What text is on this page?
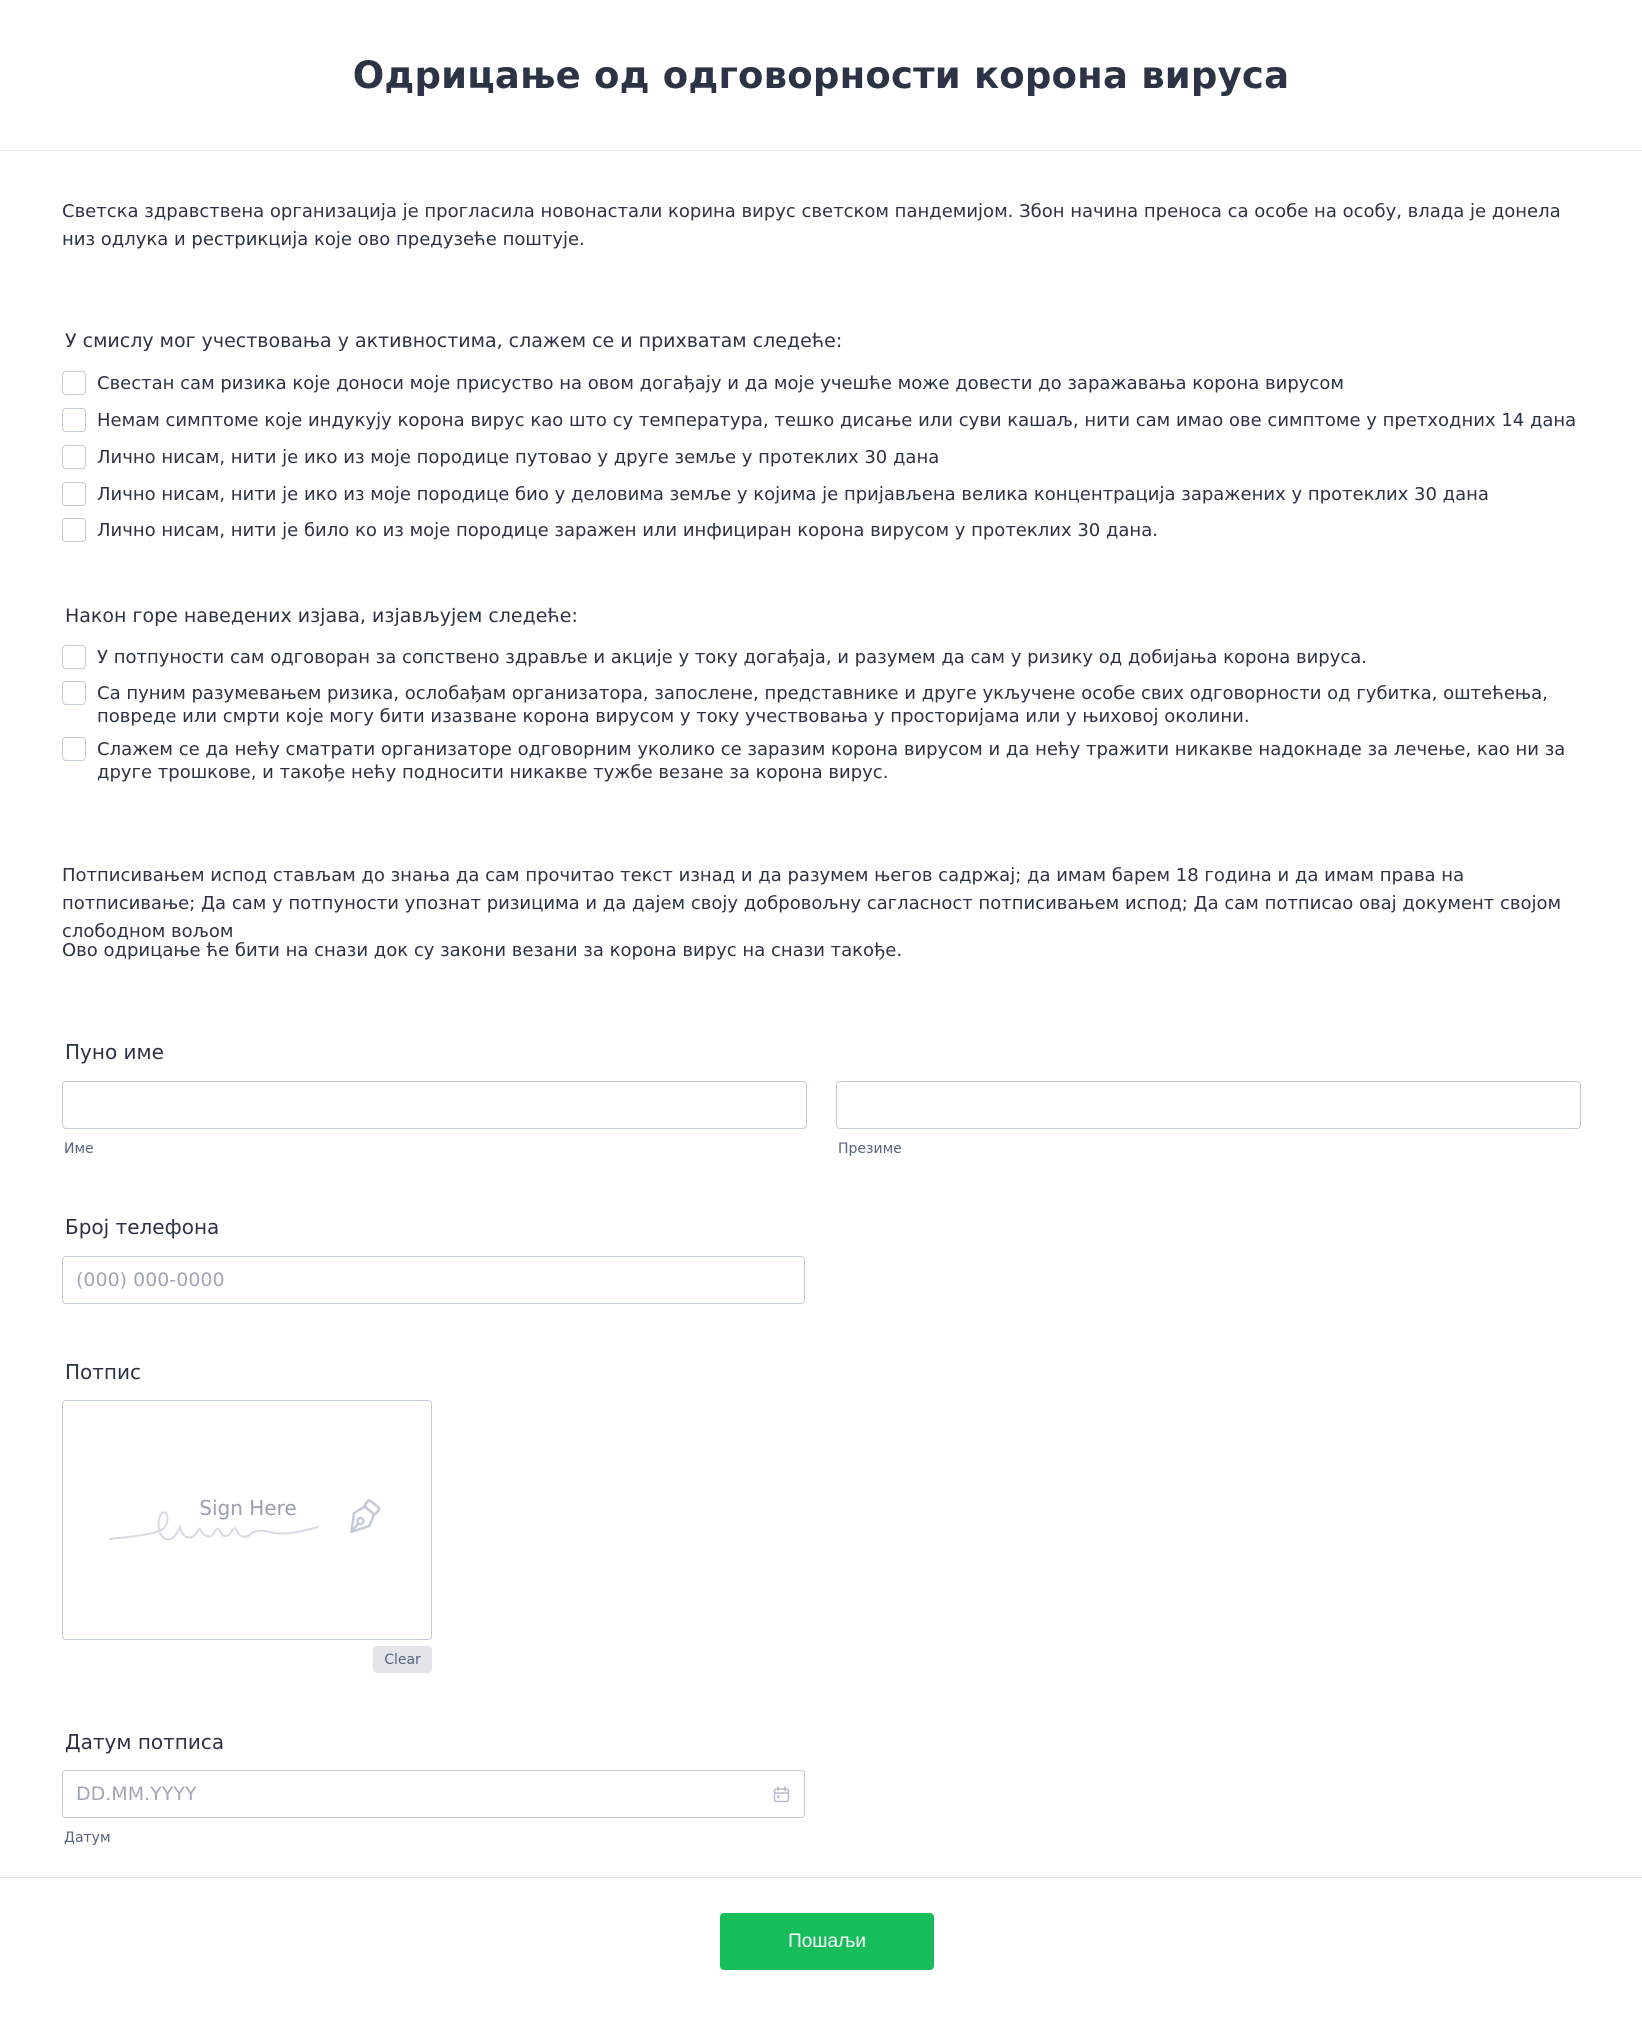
Одрицање од одговорности корона вируса

Светска здравствена организација је прогласила новонастали корина вирус светском пандемијом. Збон начина преноса са особе на особу, влада је донела низ одлука и рестрикција које ово предузеће поштује.

У смислу мог учествовања у активностима, слажем се и прихватам следеће:
Свестан сам ризика које доноси моје присуство на овом догађају и да моје учешће може довести до заражавања корона вирусом
Немам симптоме које индукују корона вирус као што су температура, тешко дисање или суви кашаљ, нити сам имао ове симптоме у претходних 14 дана
Лично нисам, нити је ико из моје породице путовао у друге земље у протеклих 30 дана
Лично нисам, нити је ико из моје породице био у деловима земље у којима је пријављена велика концентрација заражених у протеклих 30 дана
Лично нисам, нити је било ко из моје породице заражен или инфициран корона вирусом у протеклих 30 дана.
Након горе наведених изјава, изјављујем следеће:
У потпуности сам одговоран за сопствено здравље и акције у току догађаја, и разумем да сам у ризику од добијања корона вируса.
Са пуним разумевањем ризика, ослобађам организатора, запослене, представнике и друге укључене особе свих одговорности од губитка, оштећења, повреде или смрти које могу бити изазване корона вирусом у току учествовања у просторијама или у њиховој околини.
Слажем се да нећу сматрати организаторе одговорним уколико се заразим корона вирусом и да нећу тражити никакве надокнаде за лечење, као ни за друге трошкове, и такође нећу подносити никакве тужбе везане за корона вирус.

Потписивањем испод стављам до знања да сам прочитао текст изнад и да разумем његов садржај; да имам барем 18 година и да имам права на потписивање; Да сам у потпуности упознат ризицима и да дајем своју добровољну сагласност потписивањем испод; Да сам потписао овај документ својом слободном вољом

Ово одрицање ће бити на снази док су закони везани за корона вирус на снази такође.

Пуно име
Име	Презиме
Број телефона
(000) 000-0000
Потпис
Sign Here
Clear
Датум потписа
DD.MM.YYYY
Датум
Пошаљи
